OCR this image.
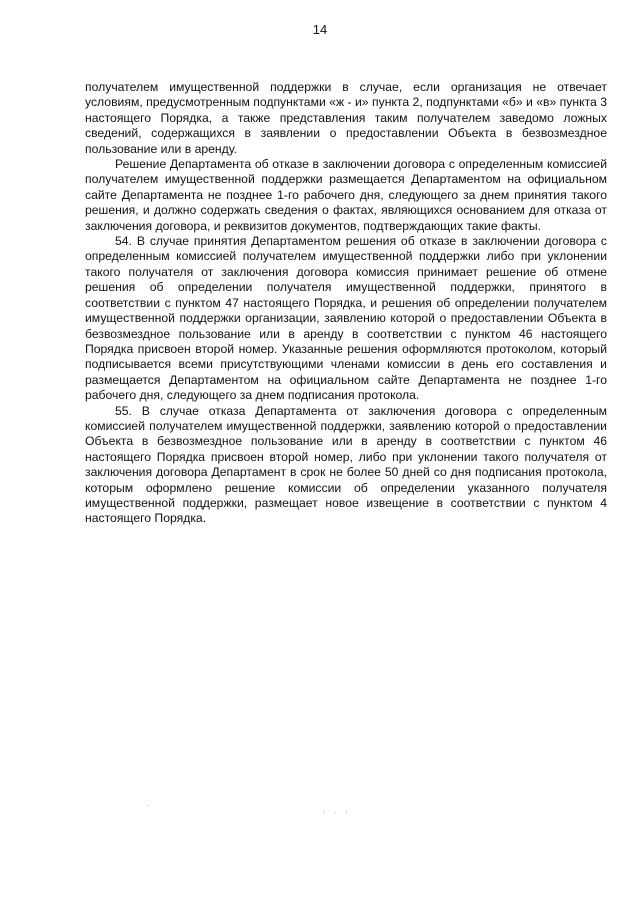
14

получателем имущественной поддержки в случае, если организация не отвечает условиям, предусмотренным подпунктами «ж - и» пункта 2, подпунктами «б» и «в» пункта 3 настоящего Порядка, а также представления таким получателем заведомо ложных сведений, содержащихся в заявлении о предоставлении Объекта в безвозмездное пользование или в аренду.

Решение Департамента об отказе в заключении договора с определенным комиссией получателем имущественной поддержки размещается Департаментом на официальном сайте Департамента не позднее 1-го рабочего дня, следующего за днем принятия такого решения, и должно содержать сведения о фактах, являющихся основанием для отказа от заключения договора, и реквизитов документов, подтверждающих такие факты.

54. В случае принятия Департаментом решения об отказе в заключении договора с определенным комиссией получателем имущественной поддержки либо при уклонении такого получателя от заключения договора комиссия принимает решение об отмене решения об определении получателя имущественной поддержки, принятого в соответствии с пунктом 47 настоящего Порядка, и решения об определении получателем имущественной поддержки организации, заявлению которой о предоставлении Объекта в безвозмездное пользование или в аренду в соответствии с пунктом 46 настоящего Порядка присвоен второй номер. Указанные решения оформляются протоколом, который подписывается всеми присутствующими членами комиссии в день его составления и размещается Департаментом на официальном сайте Департамента не позднее 1-го рабочего дня, следующего за днем подписания протокола.

55. В случае отказа Департамента от заключения договора с определенным комиссией получателем имущественной поддержки, заявлению которой о предоставлении Объекта в безвозмездное пользование или в аренду в соответствии с пунктом 46 настоящего Порядка присвоен второй номер, либо при уклонении такого получателя от заключения договора Департамент в срок не более 50 дней со дня подписания протокола, которым оформлено решение комиссии об определении указанного получателя имущественной поддержки, размещает новое извещение в соответствии с пунктом 4 настоящего Порядка.

· · ·
